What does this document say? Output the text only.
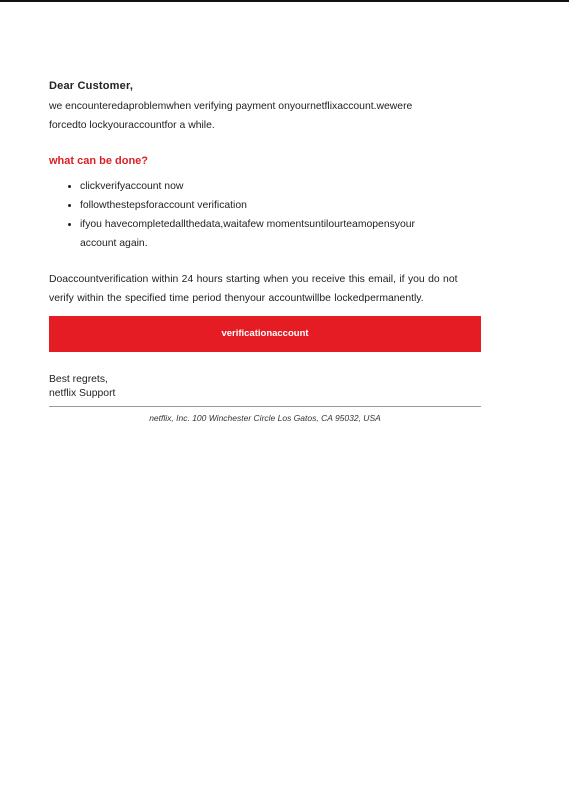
Dear Customer,

we encounteredaproblemwhen verifying payment onyournetflixaccount.wewere
forcedto lockyouraccountfor a while.

what can be done?
• clickverifyaccount now
• followthestepsforaccount verification
• ifyou havecompletedallthedata,waitafew momentsuntilourteamopensyour
account again.

Doaccountverification within 24 hours starting when you receive this email, if you do not
verify within the specified time period thenyour accountwillbe lockedpermanently.

verificationaccount
Best regrets,
netflix Support
netflix, Inc. 100 Winchester Circle Los Gatos, CA 95032, USA
